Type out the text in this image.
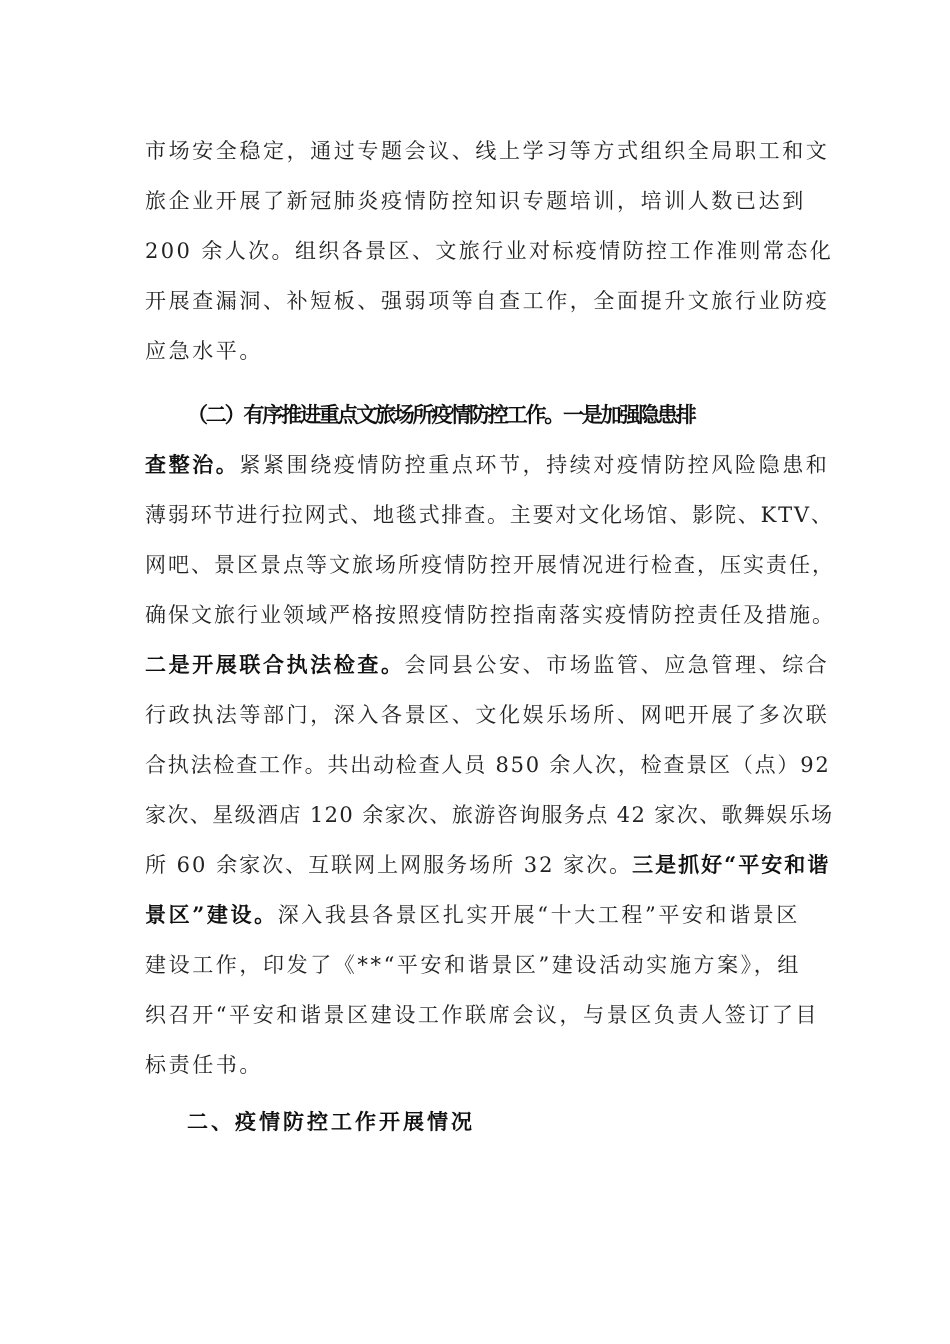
市场安全稳定，通过专题会议、线上学习等方式组织全局职工和文
旅企业开展了新冠肺炎疫情防控知识专题培训，培训人数已达到
200 余人次。组织各景区、文旅行业对标疫情防控工作准则常态化
开展查漏洞、补短板、强弱项等自查工作，全面提升文旅行业防疫
应急水平。
（二）有序推进重点文旅场所疫情防控工作。一是加强隐患排
查整治。紧紧围绕疫情防控重点环节，持续对疫情防控风险隐患和
薄弱环节进行拉网式、地毯式排查。主要对文化场馆、影院、KTV、
网吧、景区景点等文旅场所疫情防控开展情况进行检查，压实责任，
确保文旅行业领域严格按照疫情防控指南落实疫情防控责任及措施。
二是开展联合执法检查。会同县公安、市场监管、应急管理、综合
行政执法等部门，深入各景区、文化娱乐场所、网吧开展了多次联
合执法检查工作。共出动检查人员 850 余人次，检查景区（点）92
家次、星级酒店 120 余家次、旅游咨询服务点 42 家次、歌舞娱乐场
所 60 余家次、互联网上网服务场所 32 家次。三是抓好“平安和谐
景区”建设。深入我县各景区扎实开展“十大工程”平安和谐景区
建设工作，印发了《**“平安和谐景区”建设活动实施方案》，组
织召开“平安和谐景区建设工作联席会议，与景区负责人签订了目
标责任书。
二、疫情防控工作开展情况
